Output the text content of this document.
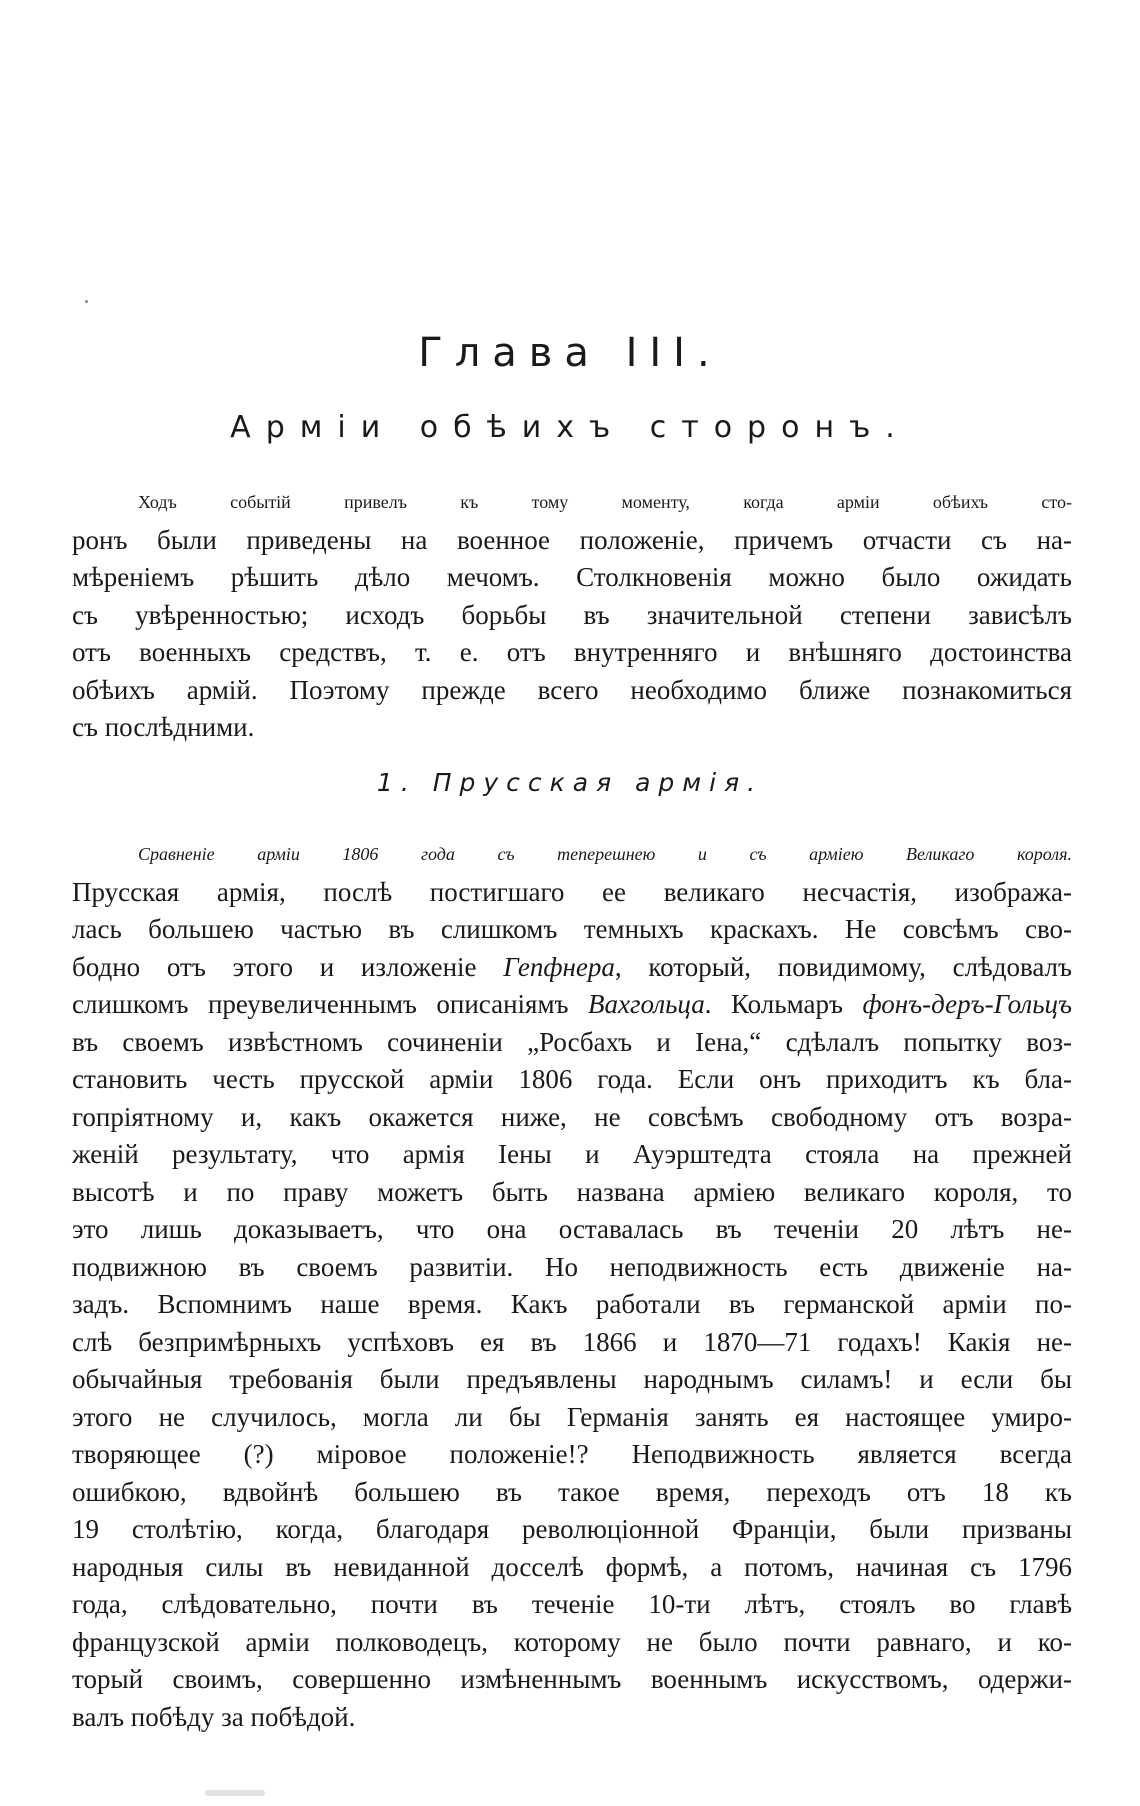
Глава III.
Арміи обѣихъ сторонъ.
Ходъ событій привелъ къ тому моменту, когда арміи обѣихъ сто-
ронъ были приведены на военное положеніе, причемъ отчасти съ на-
мѣреніемъ рѣшить дѣло мечомъ. Столкновенія можно было ожидать
съ увѣренностью; исходъ борьбы въ значительной степени зависѣлъ
отъ военныхъ средствъ, т. е. отъ внутренняго и внѣшняго достоинства
обѣихъ армій. Поэтому прежде всего необходимо ближе познакомиться
съ послѣдними.
1. Прусская армія.
Сравненіе арміи 1806 года съ теперешнею и съ арміею Великаго короля.
Прусская армія, послѣ постигшаго ее великаго несчастія, изобража-
лась большею частью въ слишкомъ темныхъ краскахъ. Не совсѣмъ сво-
бодно отъ этого и изложеніе Гепфнера, который, повидимому, слѣдовалъ
слишкомъ преувеличеннымъ описаніямъ Вахгольца. Кольмаръ фонъ-деръ-Гольцъ
въ своемъ извѣстномъ сочиненіи „Росбахъ и Іена,“ сдѣлалъ попытку воз-
становить честь прусской арміи 1806 года. Если онъ приходитъ къ бла-
гопріятному и, какъ окажется ниже, не совсѣмъ свободному отъ возра-
женій результату, что армія Іены и Ауэрштедта стояла на прежней
высотѣ и по праву можетъ быть названа арміею великаго короля, то
это лишь доказываетъ, что она оставалась въ теченіи 20 лѣтъ не-
подвижною въ своемъ развитіи. Но неподвижность есть движеніе на-
задъ. Вспомнимъ наше время. Какъ работали въ германской арміи по-
слѣ безпримѣрныхъ успѣховъ ея въ 1866 и 1870—71 годахъ! Какія не-
обычайныя требованія были предъявлены народнымъ силамъ! и если бы
этого не случилось, могла ли бы Германія занять ея настоящее умиро-
творяющее (?) міровое положеніе!? Неподвижность является всегда
ошибкою, вдвойнѣ большею въ такое время, переходъ отъ 18 къ
19 столѣтію, когда, благодаря революціонной Франціи, были призваны
народныя силы въ невиданной досселѣ формѣ, а потомъ, начиная съ 1796
года, слѣдовательно, почти въ теченіе 10-ти лѣтъ, стоялъ во главѣ
французской арміи полководецъ, которому не было почти равнаго, и ко-
торый своимъ, совершенно измѣненнымъ военнымъ искусствомъ, одержи-
валъ побѣду за побѣдой.
